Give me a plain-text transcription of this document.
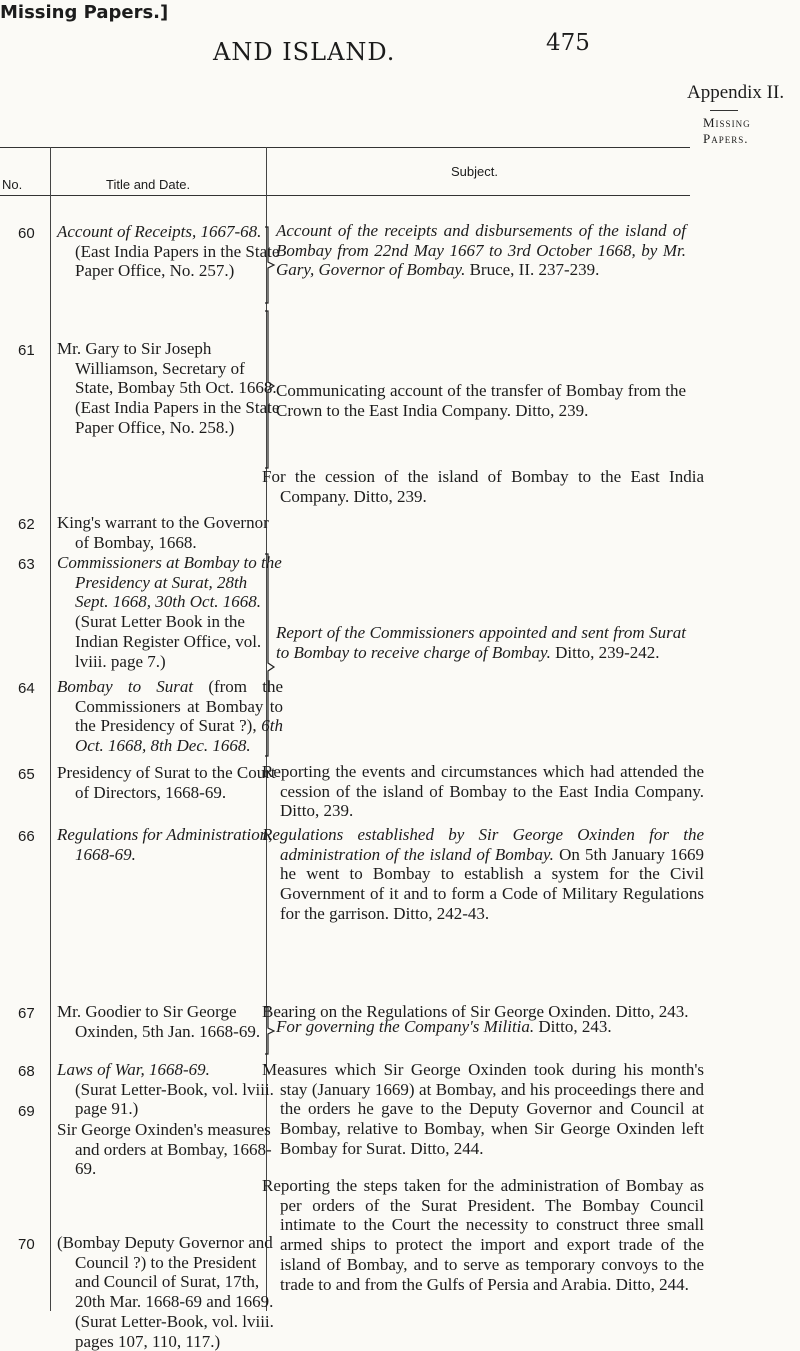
Missing Papers.]
AND ISLAND.	475
Appendix II.
Missing
Papers.
No.	Title and Date.
Subject.
60
61
62
63
64
65
66
67
68
69
70
Account of Receipts, 1667-68.
(East India Papers in the State Paper Office, No. 257.)
Mr. Gary to Sir Joseph Williamson, Secretary of State, Bombay 5th Oct. 1668. (East India Papers in the State Paper Office, No. 258.)
King's warrant to the Governor of Bombay, 1668.
Commissioners at Bombay to the Presidency at Surat, 28th Sept. 1668, 30th Oct. 1668.
(Surat Letter Book in the Indian Register Office, vol. lviii. page 7.)
Bombay to Surat (from the Commissioners at Bombay to the Presidency of Surat ?), 6th Oct. 1668, 8th Dec. 1668.
Presidency of Surat to the Court of Directors, 1668-69.
Regulations for Administration, 1668-69.
Mr. Goodier to Sir George Oxinden, 5th Jan. 1668-69.
Laws of War, 1668-69.
(Surat Letter-Book, vol. lviii. page 91.)
Sir George Oxinden's measures and orders at Bombay, 1668-69.
(Bombay Deputy Governor and Council ?) to the President and Council of Surat, 17th, 20th Mar. 1668-69 and 1669. (Surat Letter-Book, vol. lviii. pages 107, 110, 117.)
Account of the receipts and disbursements of the island of Bombay from 22nd May 1667 to 3rd October 1668, by Mr. Gary, Governor of Bombay. Bruce, II. 237-239.
Communicating account of the transfer of Bombay from the Crown to the East India Company. Ditto, 239.
For the cession of the island of Bombay to the East India Company. Ditto, 239.
Report of the Commissioners appointed and sent from Surat to Bombay to receive charge of Bombay. Ditto, 239-242.
Reporting the events and circumstances which had attended the cession of the island of Bombay to the East India Company. Ditto, 239.
Regulations established by Sir George Oxinden for the administration of the island of Bombay. On 5th January 1669 he went to Bombay to establish a system for the Civil Government of it and to form a Code of Military Regulations for the garrison. Ditto, 242-43.
Bearing on the Regulations of Sir George Oxinden. Ditto, 243.
For governing the Company's Militia. Ditto, 243.
Measures which Sir George Oxinden took during his month's stay (January 1669) at Bombay, and his proceedings there and the orders he gave to the Deputy Governor and Council at Bombay, relative to Bombay, when Sir George Oxinden left Bombay for Surat. Ditto, 244.
Reporting the steps taken for the administration of Bombay as per orders of the Surat President. The Bombay Council intimate to the Court the necessity to construct three small armed ships to protect the import and export trade of the island of Bombay, and to serve as temporary convoys to the trade to and from the Gulfs of Persia and Arabia. Ditto, 244.
